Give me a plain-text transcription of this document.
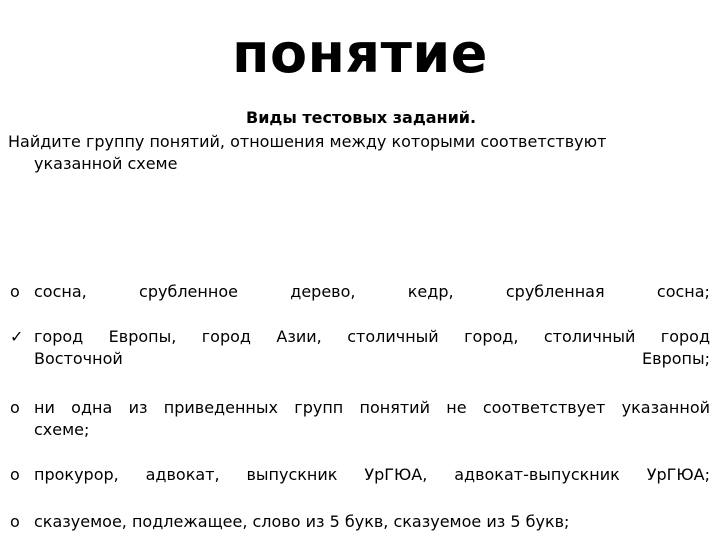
понятие
Виды тестовых заданий.

Найдите группу понятий, отношения между которыми соответствуют
указанной схеме

o сосна,	срубленное	дерево,	кедр,	срубленная	сосна;
✓ город Европы, город Азии, столичный город, столичный город
Восточной	Европы;
o ни одна из приведенных групп понятий не соответствует указанной
схеме;
o прокурор, адвокат, выпускник УрГЮА, адвокат-выпускник УрГЮА;
o сказуемое, подлежащее, слово из 5 букв, сказуемое из 5 букв;
